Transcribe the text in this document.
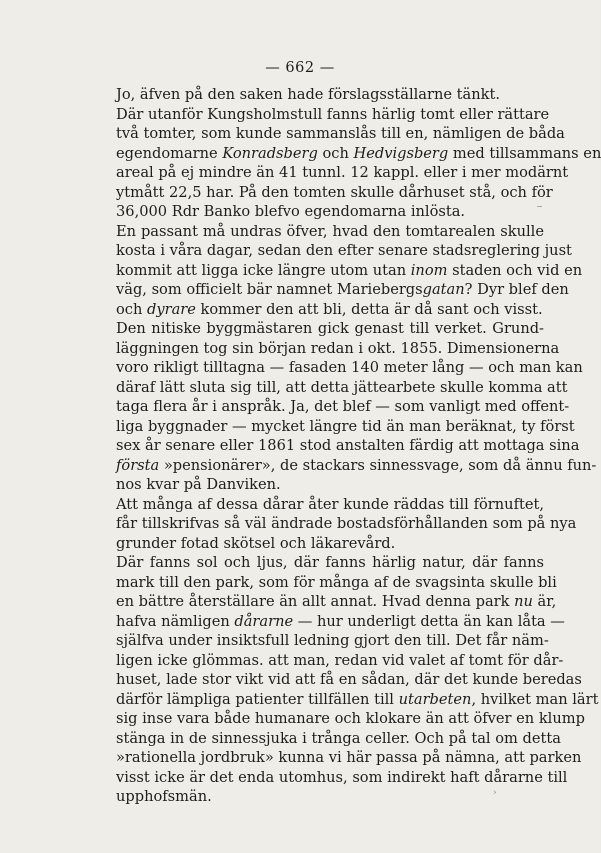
— 662 —
Jo, äfven på den saken hade förslagsställarne tänkt.
Där utanför Kungsholmstull fanns härlig tomt eller rättare
två tomter, som kunde sammanslås till en, nämligen de båda
egendomarne Konradsberg och Hedvigsberg med tillsammans en
areal på ej mindre än 41 tunnl. 12 kappl. eller i mer modärnt
ytmått 22,5 har. På den tomten skulle dårhuset stå, och för
36,000 Rdr Banko blefvo egendomarna inlösta.
En passant må undras öfver, hvad den tomtarealen skulle
kosta i våra dagar, sedan den efter senare stadsreglering just
kommit att ligga icke längre utom utan inom staden och vid en
väg, som officielt bär namnet Mariebergsgatan? Dyr blef den
och dyrare kommer den att bli, detta är då sant och visst.
Den nitiske byggmästaren gick genast till verket. Grund-
läggningen tog sin början redan i okt. 1855. Dimensionerna
voro rikligt tilltagna — fasaden 140 meter lång — och man kan
däraf lätt sluta sig till, att detta jättearbete skulle komma att
taga flera år i anspråk. Ja, det blef — som vanligt med offent-
liga byggnader — mycket längre tid än man beräknat, ty först
sex år senare eller 1861 stod anstalten färdig att mottaga sina
första »pensionärer», de stackars sinnessvage, som då ännu fun-
nos kvar på Danviken.
Att många af dessa dårar åter kunde räddas till förnuftet,
får tillskrifvas så väl ändrade bostadsförhållanden som på nya
grunder fotad skötsel och läkarevård.
Där fanns sol och ljus, där fanns härlig natur, där fanns
mark till den park, som för många af de svagsinta skulle bli
en bättre återställare än allt annat. Hvad denna park nu är,
hafva nämligen dårarne — hur underligt detta än kan låta —
själfva under insiktsfull ledning gjort den till. Det får näm-
ligen icke glömmas. att man, redan vid valet af tomt för dår-
huset, lade stor vikt vid att få en sådan, där det kunde beredas
därför lämpliga patienter tillfällen till utarbeten, hvilket man lärt
sig inse vara både humanare och klokare än att öfver en klump
stänga in de sinnessjuka i trånga celler. Och på tal om detta
»rationella jordbruk» kunna vi här passa på nämna, att parken
visst icke är det enda utomhus, som indirekt haft dårarne till
upphofsmän.	›
